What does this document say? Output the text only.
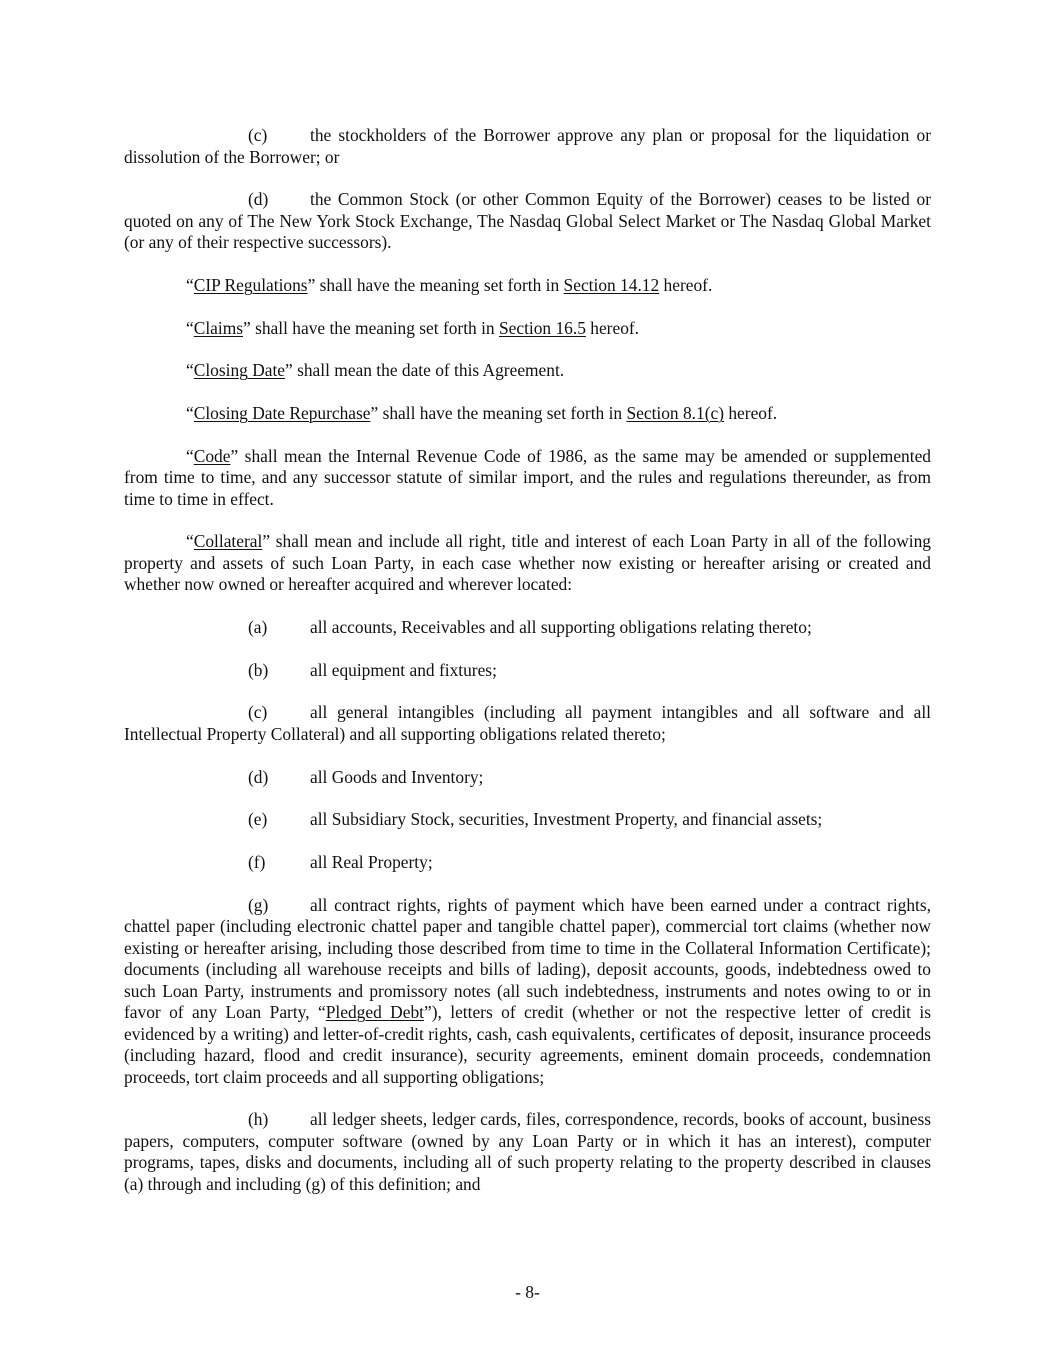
(c) the stockholders of the Borrower approve any plan or proposal for the liquidation or dissolution of the Borrower; or

(d) the Common Stock (or other Common Equity of the Borrower) ceases to be listed or quoted on any of The New York Stock Exchange, The Nasdaq Global Select Market or The Nasdaq Global Market (or any of their respective successors).

“CIP Regulations” shall have the meaning set forth in Section 14.12 hereof.

“Claims” shall have the meaning set forth in Section 16.5 hereof.

“Closing Date” shall mean the date of this Agreement.

“Closing Date Repurchase” shall have the meaning set forth in Section 8.1(c) hereof.

“Code” shall mean the Internal Revenue Code of 1986, as the same may be amended or supplemented from time to time, and any successor statute of similar import, and the rules and regulations thereunder, as from time to time in effect.

“Collateral” shall mean and include all right, title and interest of each Loan Party in all of the following property and assets of such Loan Party, in each case whether now existing or hereafter arising or created and whether now owned or hereafter acquired and wherever located:

(a) all accounts, Receivables and all supporting obligations relating thereto;

(b) all equipment and fixtures;

(c) all general intangibles (including all payment intangibles and all software and all Intellectual Property Collateral) and all supporting obligations related thereto;

(d) all Goods and Inventory;

(e) all Subsidiary Stock, securities, Investment Property, and financial assets;

(f)	all Real Property;

(g) all contract rights, rights of payment which have been earned under a contract rights, chattel paper (including electronic chattel paper and tangible chattel paper), commercial tort claims (whether now existing or hereafter arising, including those described from time to time in the Collateral Information Certificate); documents (including all warehouse receipts and bills of lading), deposit accounts, goods, indebtedness owed to such Loan Party, instruments and promissory notes (all such indebtedness, instruments and notes owing to or in favor of any Loan Party, “Pledged Debt”), letters of credit (whether or not the respective letter of credit is evidenced by a writing) and letter-of-credit rights, cash, cash equivalents, certificates of deposit, insurance proceeds (including hazard, flood and credit insurance), security agreements, eminent domain proceeds, condemnation proceeds, tort claim proceeds and all supporting obligations;

(h) all ledger sheets, ledger cards, files, correspondence, records, books of account, business papers, computers, computer software (owned by any Loan Party or in which it has an interest), computer programs, tapes, disks and documents, including all of such property relating to the property described in clauses (a) through and including (g) of this definition; and

- 8-
